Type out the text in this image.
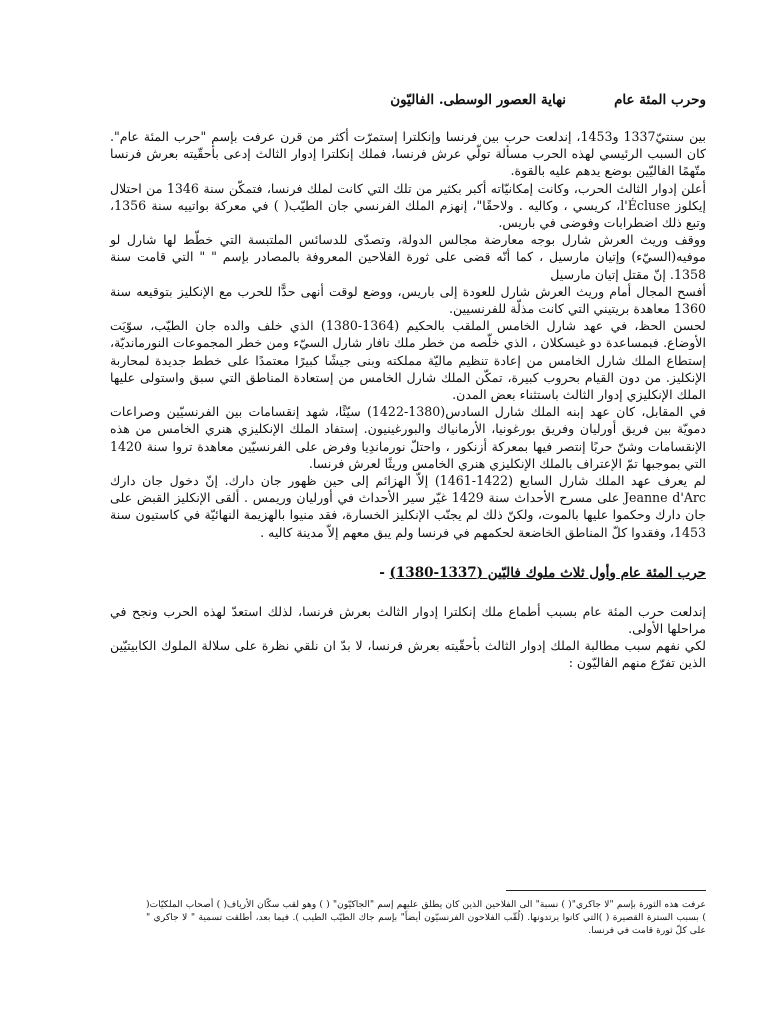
نهاية العصور الوسطى. الفاليّون	وحرب المئة عام

بين سنتيّ1337 و1453، إندلعت حرب بين فرنسا وإنكلترا إستمرّت أكثر من قرن عرفت بإسم "حرب المئة عام". كان السبب الرئيسي لهذه الحرب مسألة تولّي عرش فرنسا، فملك إنكلترا إدوار الثالث إدعى بأحقّيته بعرش فرنسا متّهمًا الفاليّين بوضع يدهم عليه بالقوة.

أعلن إدوار الثالث الحرب، وكانت إمكانيّاته أكبر بكثير من تلك التي كانت لملك فرنسا، فتمكّن سنة 1346 من احتلال إيكلوز l'Écluse، كريسي ، وكاليه . ولاحقًا"، إنهزم الملك الفرنسي جان الطيّب( ) في معركة بواتييه سنة 1356، وتبع ذلك اضطرابات وفوضى في باريس.

ووقف وريث العرش شارل بوجه معارضة مجالس الدولة، وتصدّى للدسائس الملتبسة التي خطّط لها شارل لو موفيه(السيّء) وإتيان مارسيل ، كما أنّه قضى على ثورة الفلاحين المعروفة بالمصادر بإسم " " التي قامت سنة 1358. إنّ مقتل إتيان مارسيل

أفسح المجال أمام وريث العرش شارل للعودة إلى باريس، ووضع لوقت أنهى حدًّا للحرب مع الإنكليز بتوقيعه سنة 1360 معاهدة بريتيني التي كانت مذلّة للفرنسيين.

لحسن الحظ، في عهد شارل الخامس الملقب بالحكيم (1364-1380) الذي خلف والده جان الطيّب، سوّيَت الأوضاع. فبمساعدة دو غيسكلان ، الذي خلّصه من خطر ملك نافار شارل السيّء ومن خطر المجموعات النورمانديّة، إستطاع الملك شارل الخامس من إعادة تنظيم ماليّة مملكته وبنى جيشًا كبيرًا معتمدًا على خطط جديدة لمحاربة الإنكليز. من دون القيام بحروب كبيرة، تمكّن الملك شارل الخامس من إستعادة المناطق التي سبق واستولى عليها الملك الإنكليزي إدوار الثالث باستثناء بعض المدن.

في المقابل، كان عهد إبنه الملك شارل السادس(1380-1422) سيّئًا، شهد إنقسامات بين الفرنسيّين وصراعات دمويّة بين فريق أورليان وفريق بورغونيا، الأرمانياك والبورغينيون. إستفاد الملك الإنكليزي هنري الخامس من هذه الإنقسامات وشنّ حربًا إنتصر فيها بمعركة أزنكور ، واحتلّ نورماندِيا وفرض على الفرنسيّين معاهدة تروا سنة 1420 التي بموجبها تمّ الإعتراف بالملك الإنكليزي هنري الخامس وريثًا لعرش فرنسا.

لم يعرف عهد الملك شارل السابع (1422-1461) إلاّ الهزائم إلى حين ظهور جان دارك. إنّ دخول جان دارك Jeanne d'Arc على مسرح الأحداث سنة 1429 غيّر سير الأحداث في أورليان وريمس . ألقى الإنكليز القبض على جان دارك وحكموا عليها بالموت، ولكنّ ذلك لم يجنّب الإنكليز الخسارة، فقد منيوا بالهزيمة النهائيّة في كاستيون سنة 1453، وفقدوا كلّ المناطق الخاضعة لحكمهم في فرنسا ولم يبق معهم إلاّ مدينة كاليه .

حرب المئة عام وأول ثلاث ملوك فاليّين (1337-1380) -

إندلعت حرب المئة عام بسبب أطماع ملك إنكلترا إدوار الثالث بعرش فرنسا، لذلك استعدّ لهذه الحرب ونجح في مراحلها الأولى.

لكي نفهم سبب مطالبة الملك إدوار الثالث بأحقّيته بعرش فرنسا، لا بدّ ان نلقي نظرة على سلالة الملوك الكابيتيّين الذين تفرّع منهم الفاليّون :

عرفت هذه الثورة بإسم "لا جاكري"( ) نسبة" الى الفلاحين الذين كان يطلق عليهم إسم "الجاكيّون" ( ) وهو لقب سكّان الأرياف( ) أصحاب الملكيّات( ) بسبب السترة القصيرة ( )التي كانوا يرتدونها. (لُقّب الفلاحون الفرنسيّون أيضاً" بإسم جاك الطيّب الطيب ). فيما بعد، أطلقت تسمية " لا جاكري " على كلّ ثورة قامت في فرنسا.
